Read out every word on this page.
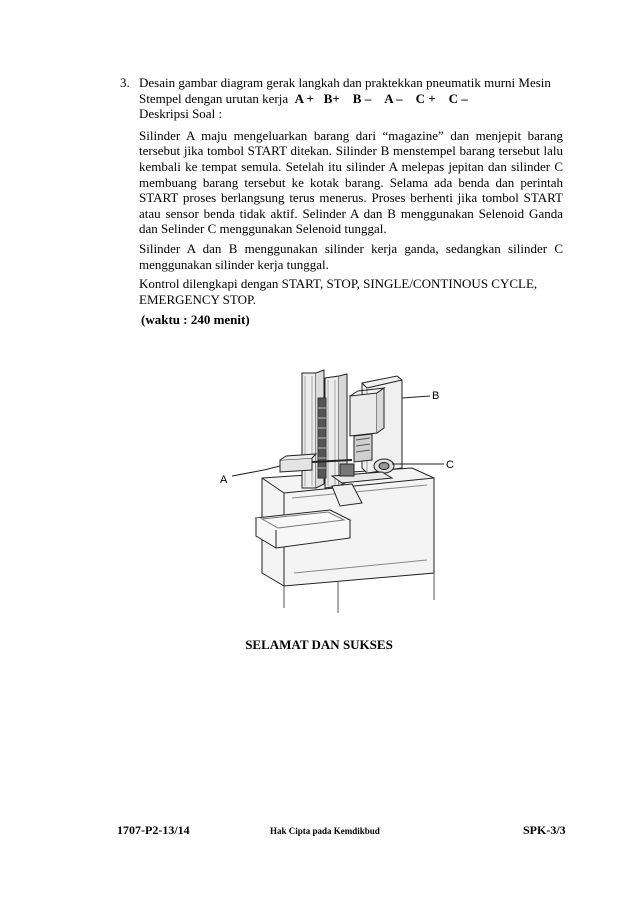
3. Desain gambar diagram gerak langkah dan praktekkan pneumatik murni Mesin
Stempel dengan urutan kerja A + B+ B – A – C + C –
Deskripsi Soal :

Silinder A maju mengeluarkan barang dari “magazine” dan menjepit barang tersebut jika tombol START ditekan. Silinder B menstempel barang tersebut lalu kembali ke tempat semula. Setelah itu silinder A melepas jepitan dan silinder C membuang barang tersebut ke kotak barang. Selama ada benda dan perintah START proses berlangsung terus menerus. Proses berhenti jika tombol START atau sensor benda tidak aktif. Selinder A dan B menggunakan Selenoid Ganda dan Selinder C menggunakan Selenoid tunggal.

Silinder A dan B menggunakan silinder kerja ganda, sedangkan silinder C menggunakan silinder kerja tunggal.

Kontrol dilengkapi dengan START, STOP, SINGLE/CONTINOUS CYCLE, EMERGENCY STOP.

(waktu : 240 menit)
A
B
C
SELAMAT DAN SUKSES
1707-P2-13/14	Hak Cipta pada Kemdikbud	SPK-3/3
